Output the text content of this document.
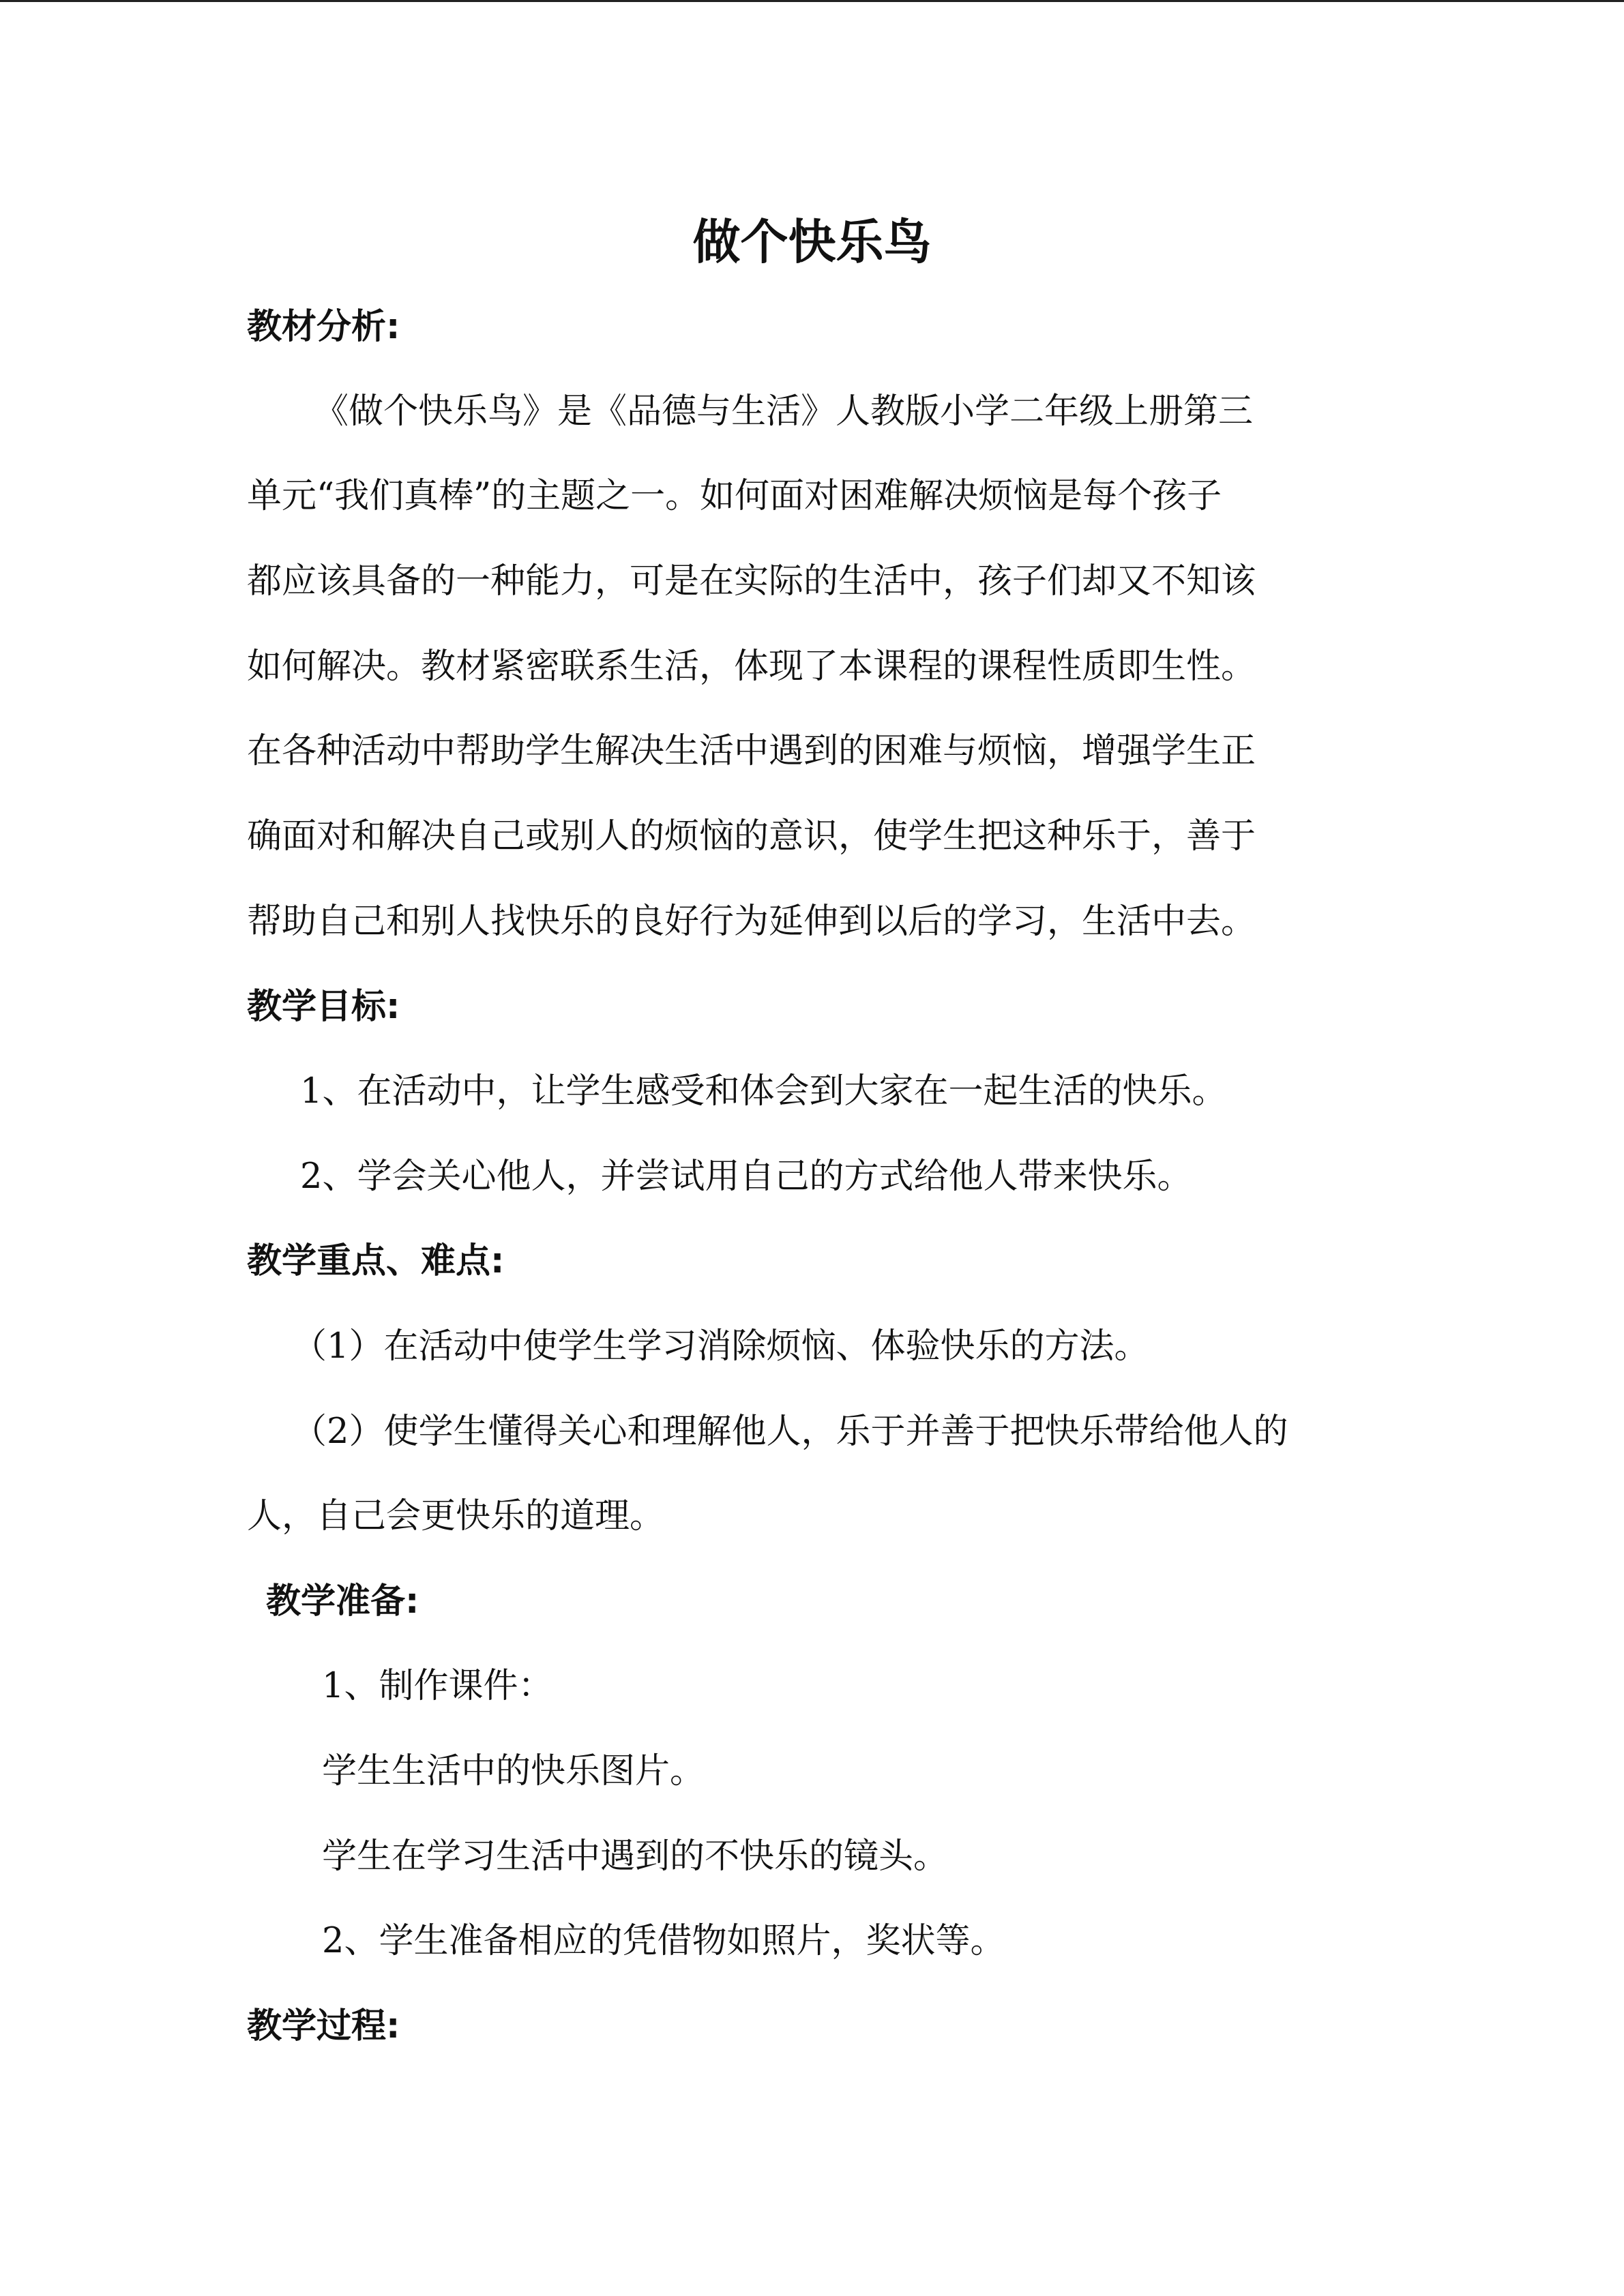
做个快乐鸟
教材分析:
《做个快乐鸟》是《品德与生活》人教版小学二年级上册第三
单元“我们真棒”的主题之一。如何面对困难解决烦恼是每个孩子
都应该具备的一种能力，可是在实际的生活中，孩子们却又不知该
如何解决。教材紧密联系生活，体现了本课程的课程性质即生性。
在各种活动中帮助学生解决生活中遇到的困难与烦恼，增强学生正
确面对和解决自己或别人的烦恼的意识，使学生把这种乐于，善于
帮助自己和别人找快乐的良好行为延伸到以后的学习，生活中去。
教学目标:
1、在活动中，让学生感受和体会到大家在一起生活的快乐。
2、学会关心他人，并尝试用自己的方式给他人带来快乐。
教学重点、难点:
（1）在活动中使学生学习消除烦恼、体验快乐的方法。
（2）使学生懂得关心和理解他人，乐于并善于把快乐带给他人的
人，自己会更快乐的道理。
教学准备:
1、制作课件：
学生生活中的快乐图片。
学生在学习生活中遇到的不快乐的镜头。
2、学生准备相应的凭借物如照片，奖状等。
教学过程:
